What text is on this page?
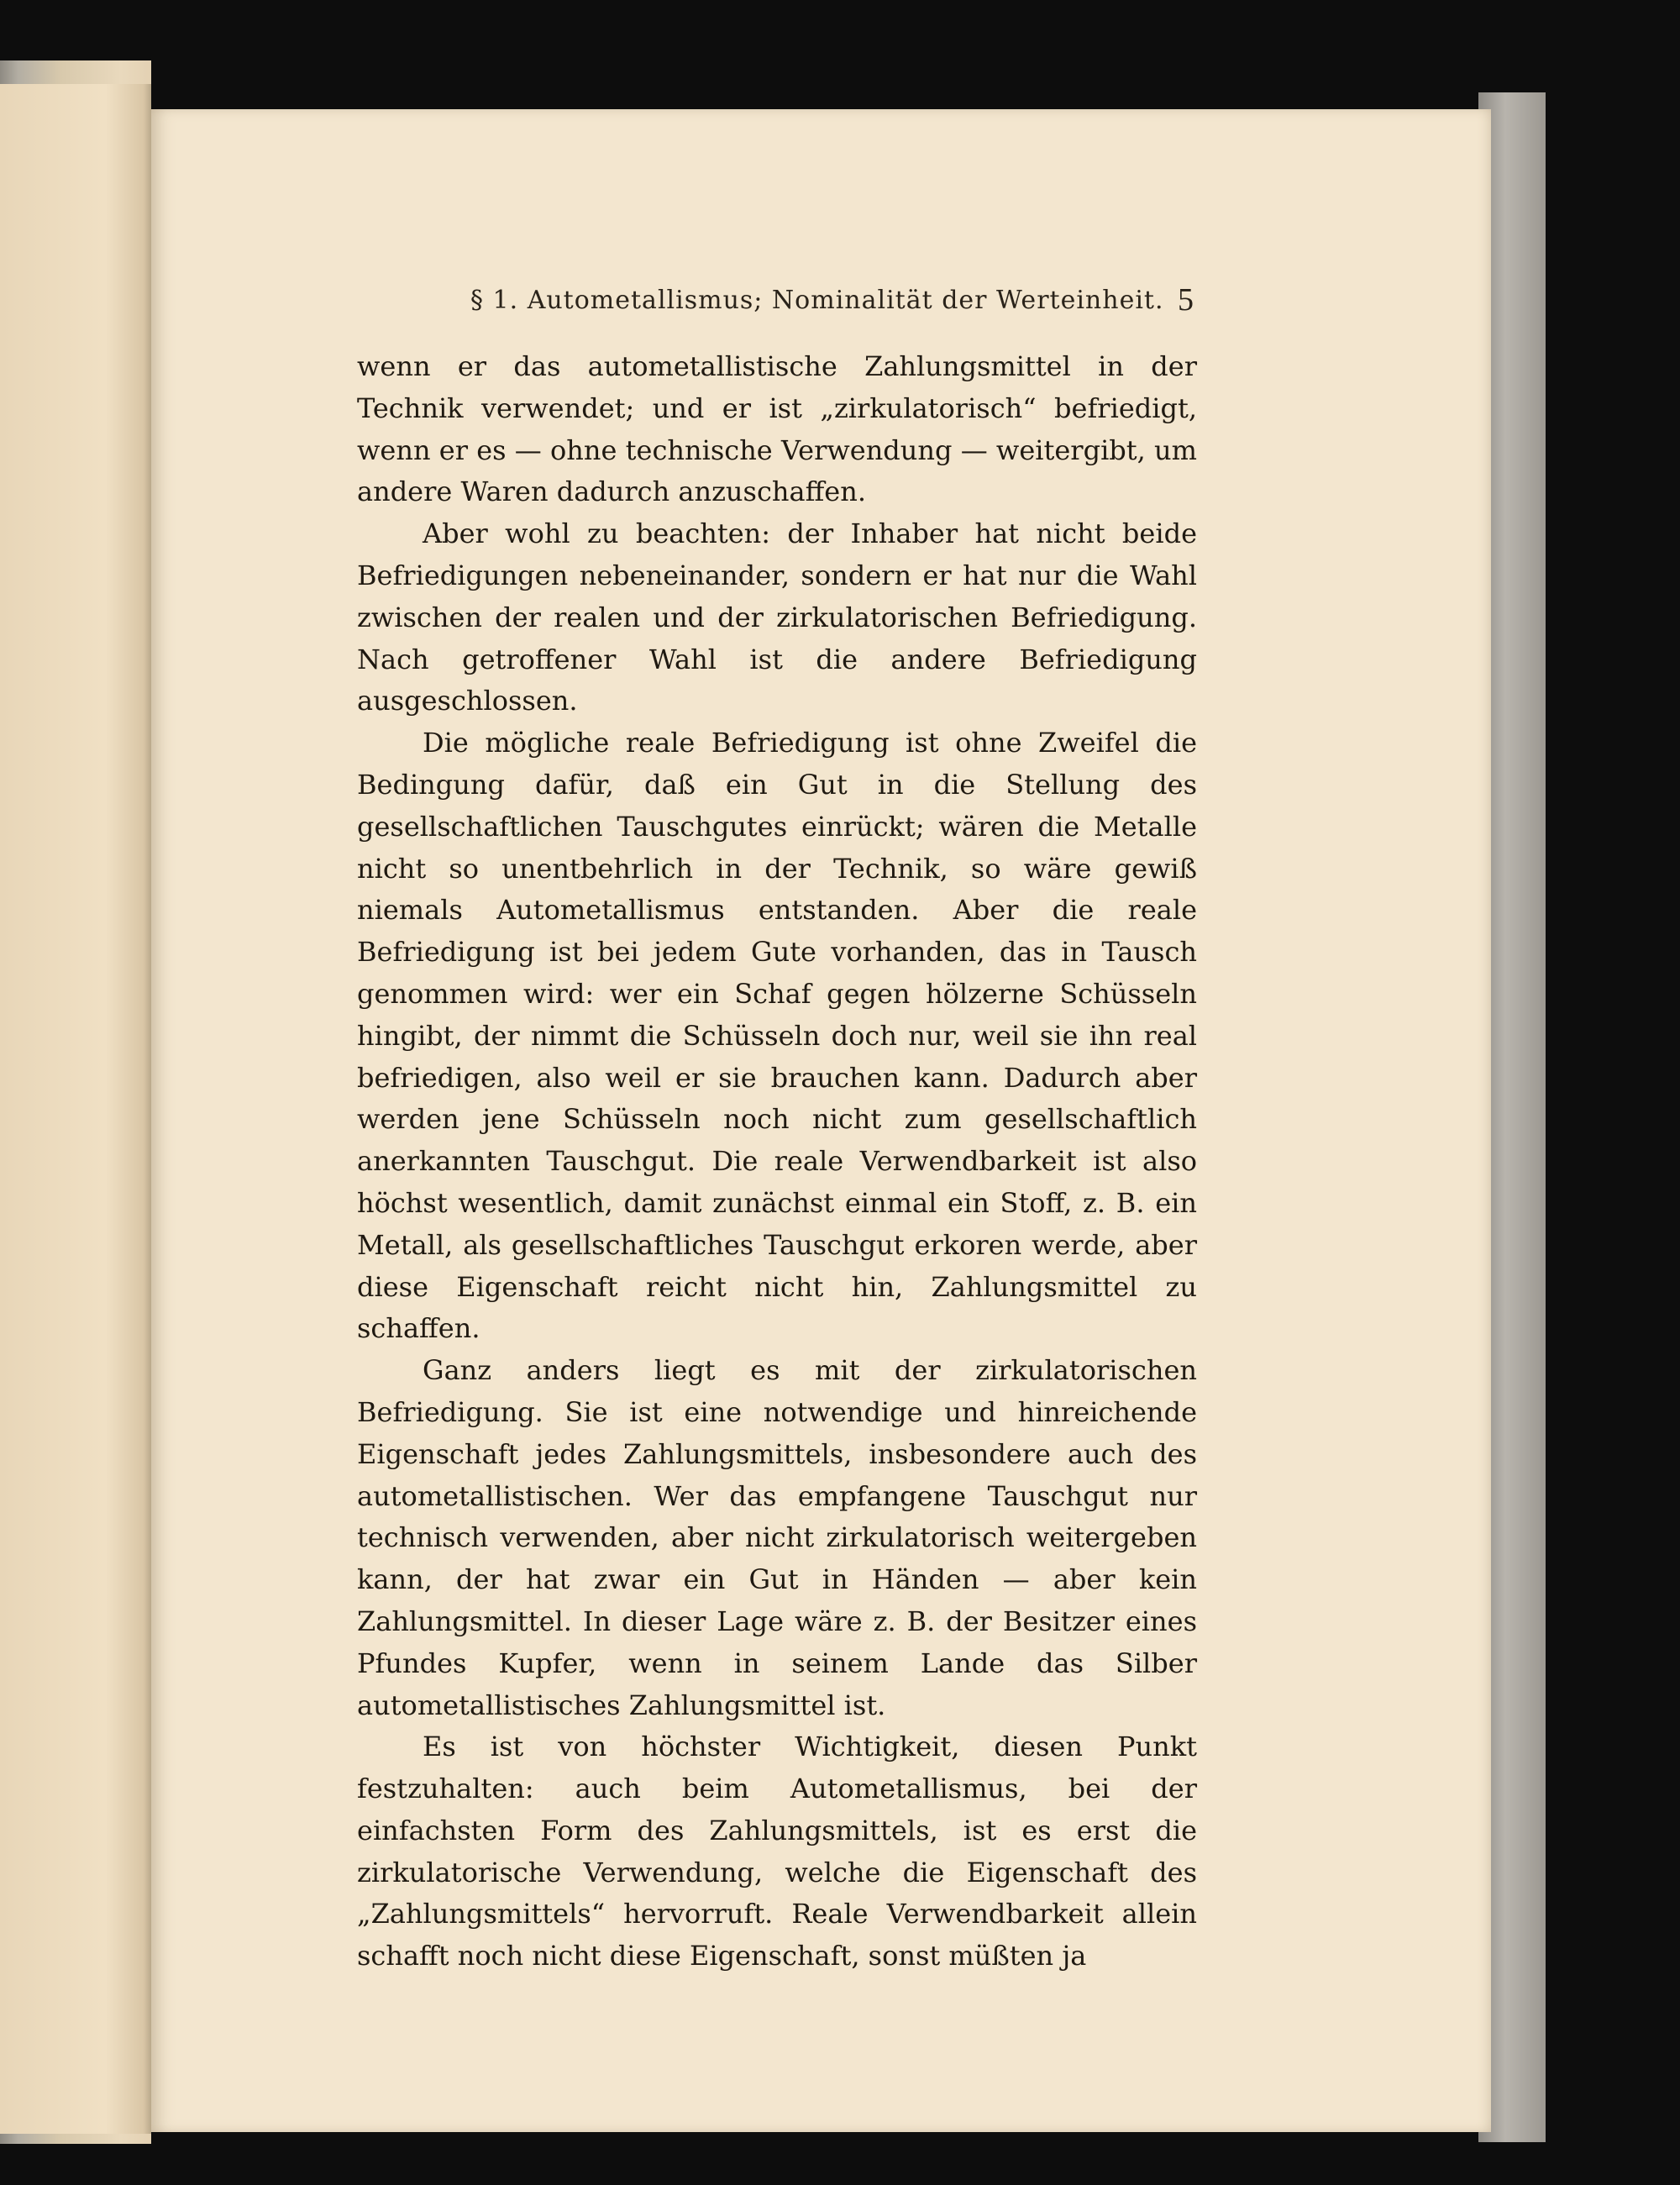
§ 1. Autometallismus; Nominalität der Werteinheit. 5

wenn er das autometallistische Zahlungsmittel in der Technik verwendet; und er ist „zirkulatorisch“ befriedigt, wenn er es — ohne technische Verwendung — weitergibt, um andere Waren dadurch anzuschaffen.

Aber wohl zu beachten: der Inhaber hat nicht beide Befriedigungen nebeneinander, sondern er hat nur die Wahl zwischen der realen und der zirkulatorischen Befriedigung. Nach getroffener Wahl ist die andere Befriedigung ausgeschlossen.

Die mögliche reale Befriedigung ist ohne Zweifel die Bedingung dafür, daß ein Gut in die Stellung des gesellschaftlichen Tauschgutes einrückt; wären die Metalle nicht so unentbehrlich in der Technik, so wäre gewiß niemals Autometallismus entstanden. Aber die reale Befriedigung ist bei jedem Gute vorhanden, das in Tausch genommen wird: wer ein Schaf gegen hölzerne Schüsseln hingibt, der nimmt die Schüsseln doch nur, weil sie ihn real befriedigen, also weil er sie brauchen kann. Dadurch aber werden jene Schüsseln noch nicht zum gesellschaftlich anerkannten Tauschgut. Die reale Verwendbarkeit ist also höchst wesentlich, damit zunächst einmal ein Stoff, z. B. ein Metall, als gesellschaftliches Tauschgut erkoren werde, aber diese Eigenschaft reicht nicht hin, Zahlungsmittel zu schaffen.

Ganz anders liegt es mit der zirkulatorischen Befriedigung. Sie ist eine notwendige und hinreichende Eigenschaft jedes Zahlungsmittels, insbesondere auch des autometallistischen. Wer das empfangene Tauschgut nur technisch verwenden, aber nicht zirkulatorisch weitergeben kann, der hat zwar ein Gut in Händen — aber kein Zahlungsmittel. In dieser Lage wäre z. B. der Besitzer eines Pfundes Kupfer, wenn in seinem Lande das Silber autometallistisches Zahlungsmittel ist.

Es ist von höchster Wichtigkeit, diesen Punkt festzuhalten: auch beim Autometallismus, bei der einfachsten Form des Zahlungsmittels, ist es erst die zirkulatorische Verwendung, welche die Eigenschaft des „Zahlungsmittels“ hervorruft. Reale Verwendbarkeit allein schafft noch nicht diese Eigenschaft, sonst müßten ja
